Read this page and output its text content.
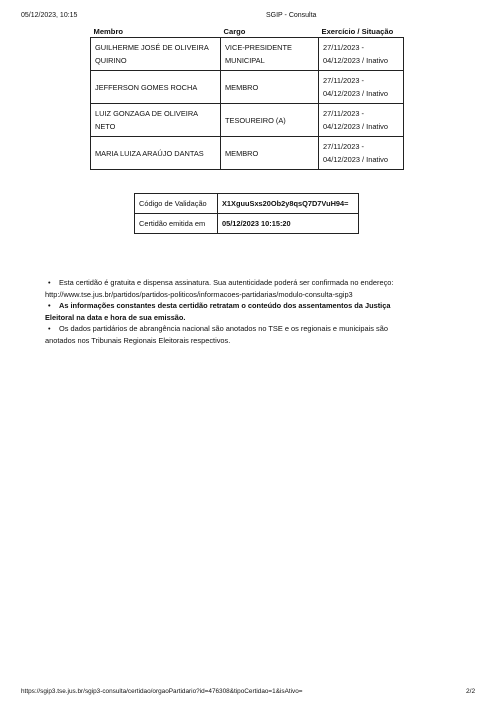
05/12/2023, 10:15	SGIP - Consulta
Membro	Cargo	Exercício / Situação
GUILHERME JOSÉ DE OLIVEIRA QUIRINO	VICE-PRESIDENTE MUNICIPAL	27/11/2023 -
04/12/2023 / Inativo
JEFFERSON GOMES ROCHA	MEMBRO	27/11/2023 -
04/12/2023 / Inativo
LUIZ GONZAGA DE OLIVEIRA NETO	TESOUREIRO (A)	27/11/2023 -
04/12/2023 / Inativo
MARIA LUIZA ARAÚJO DANTAS	MEMBRO	27/11/2023 -
04/12/2023 / Inativo
Código de Validação	X1XguuSxs20Ob2y8qsQ7D7VuH94=
Certidão emitida em	05/12/2023 10:15:20

• Esta certidão é gratuita e dispensa assinatura. Sua autenticidade poderá ser confirmada no endereço:
http://www.tse.jus.br/partidos/partidos-politicos/informacoes-partidarias/modulo-consulta-sgip3

• As informações constantes desta certidão retratam o conteúdo dos assentamentos da Justiça
Eleitoral na data e hora de sua emissão.

• Os dados partidários de abrangência nacional são anotados no TSE e os regionais e municipais são
anotados nos Tribunais Regionais Eleitorais respectivos.

https://sgip3.tse.jus.br/sgip3-consulta/certidao/orgaoPartidario?id=476308&tipoCertidao=1&isAtivo=	2/2
